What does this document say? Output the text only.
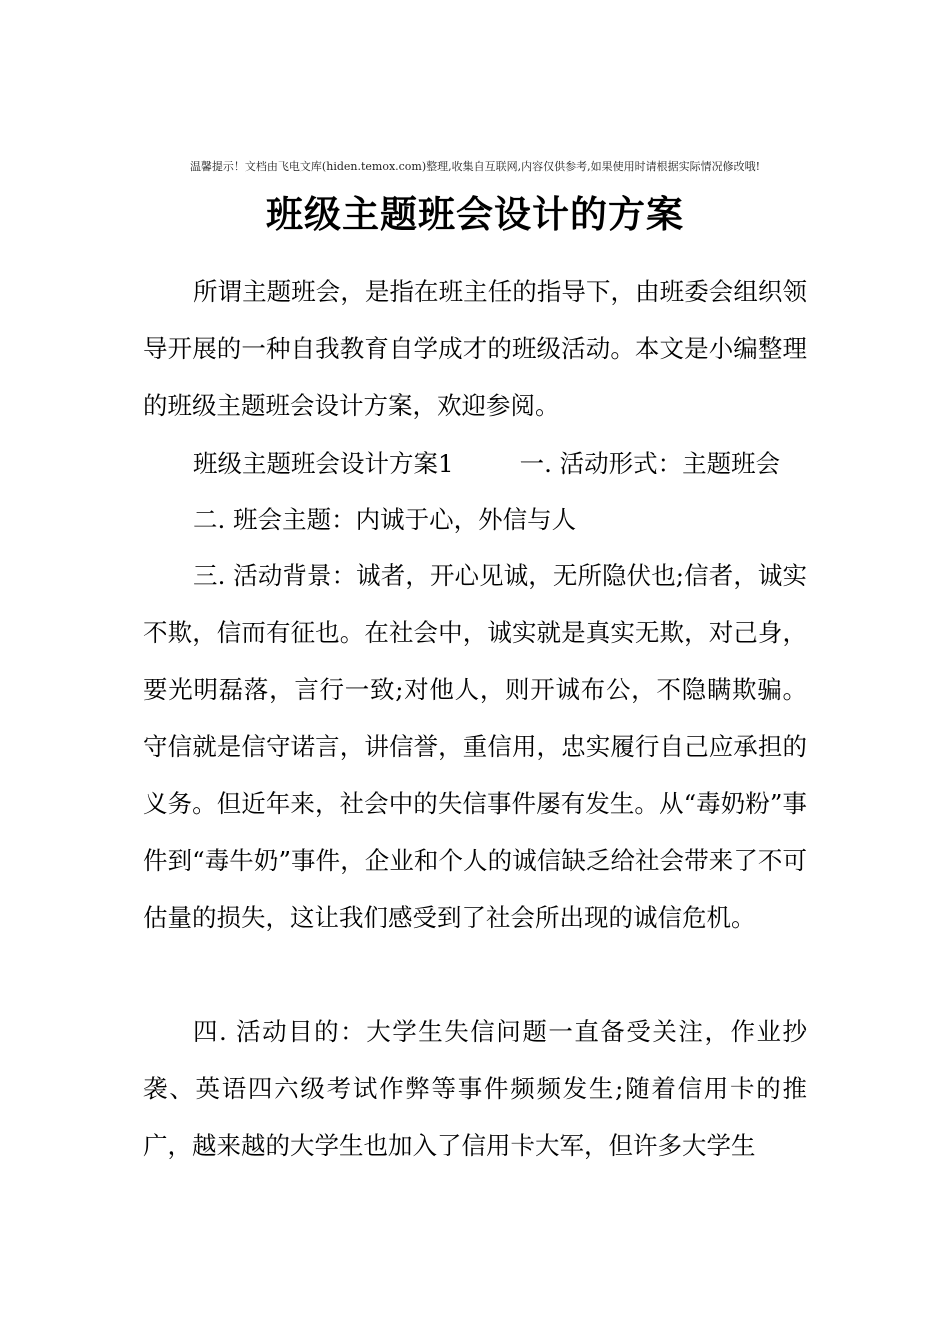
温馨提示！文档由飞电文库(hiden.temox.com)整理,收集自互联网,内容仅供参考,如果使用时请根据实际情况修改哦!
班级主题班会设计的方案

所谓主题班会，是指在班主任的指导下，由班委会组织领导开展的一种自我教育自学成才的班级活动。本文是小编整理的班级主题班会设计方案，欢迎参阅。

班级主题班会设计方案1	一. 活动形式：主题班会

二. 班会主题：内诚于心，外信与人

三. 活动背景：诚者，开心见诚，无所隐伏也;信者，诚实不欺，信而有征也。在社会中，诚实就是真实无欺，对己身，要光明磊落，言行一致;对他人，则开诚布公，不隐瞒欺骗。守信就是信守诺言，讲信誉，重信用，忠实履行自己应承担的义务。但近年来，社会中的失信事件屡有发生。从“毒奶粉”事件到“毒牛奶”事件，企业和个人的诚信缺乏给社会带来了不可估量的损失，这让我们感受到了社会所出现的诚信危机。

四. 活动目的：大学生失信问题一直备受关注，作业抄袭、英语四六级考试作弊等事件频频发生;随着信用卡的推广，越来越的大学生也加入了信用卡大军，但许多大学生
